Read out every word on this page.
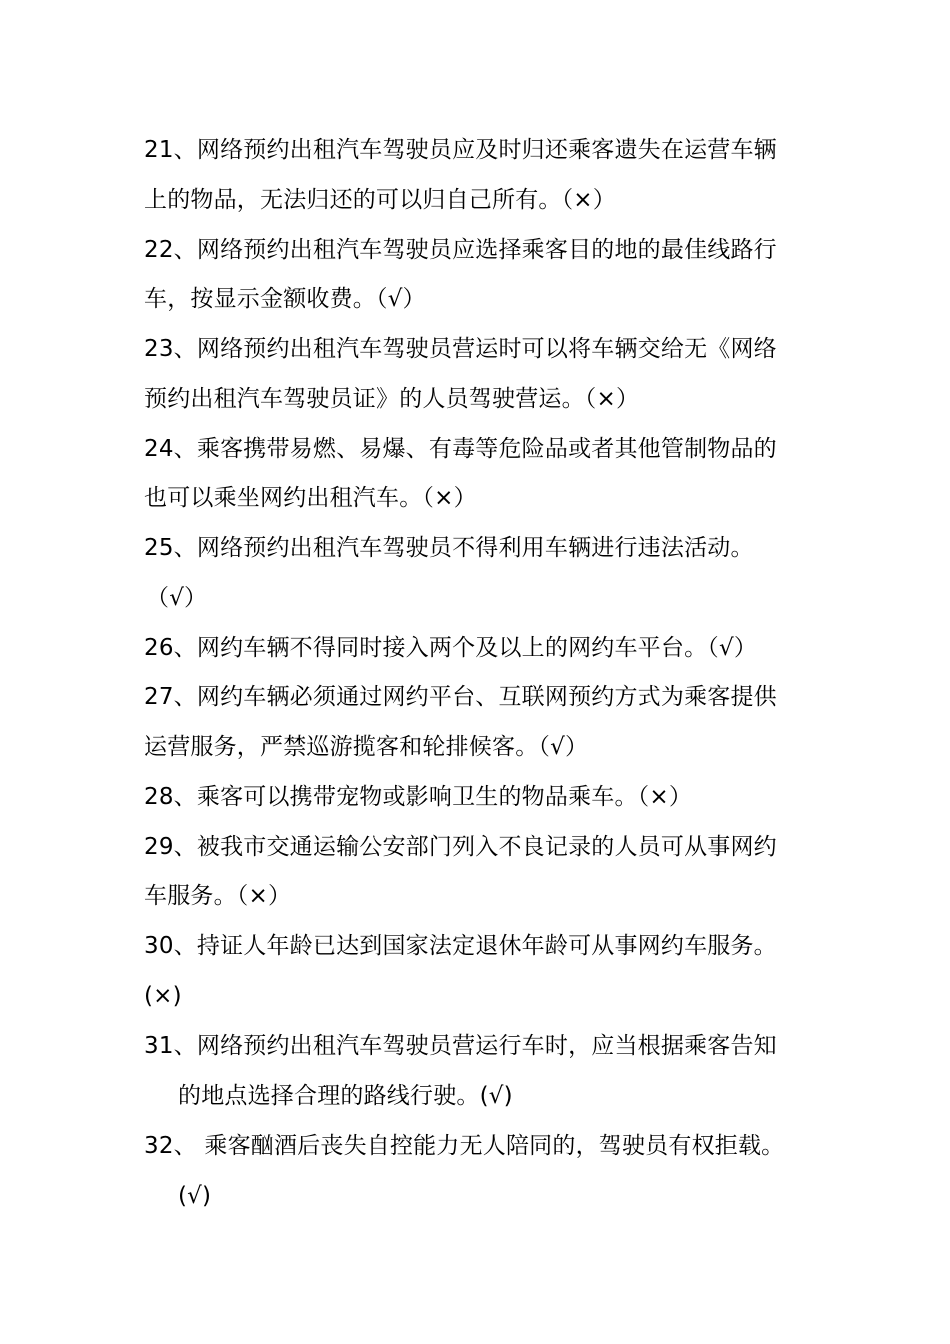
21、网络预约出租汽车驾驶员应及时归还乘客遗失在运营车辆
上的物品，无法归还的可以归自己所有。（×）
22、网络预约出租汽车驾驶员应选择乘客目的地的最佳线路行
车，按显示金额收费。（√）
23、网络预约出租汽车驾驶员营运时可以将车辆交给无《网络
预约出租汽车驾驶员证》的人员驾驶营运。（×）
24、乘客携带易燃、易爆、有毒等危险品或者其他管制物品的
也可以乘坐网约出租汽车。（×）
25、网络预约出租汽车驾驶员不得利用车辆进行违法活动。
（√）
26、网约车辆不得同时接入两个及以上的网约车平台。（√）
27、网约车辆必须通过网约平台、互联网预约方式为乘客提供
运营服务，严禁巡游揽客和轮排候客。（√）
28、乘客可以携带宠物或影响卫生的物品乘车。（×）
29、被我市交通运输公安部门列入不良记录的人员可从事网约
车服务。（×）
30、持证人年龄已达到国家法定退休年龄可从事网约车服务。
(×)
31、网络预约出租汽车驾驶员营运行车时，应当根据乘客告知
的地点选择合理的路线行驶。(√)
32、 乘客酗酒后丧失自控能力无人陪同的，驾驶员有权拒载。
(√)
